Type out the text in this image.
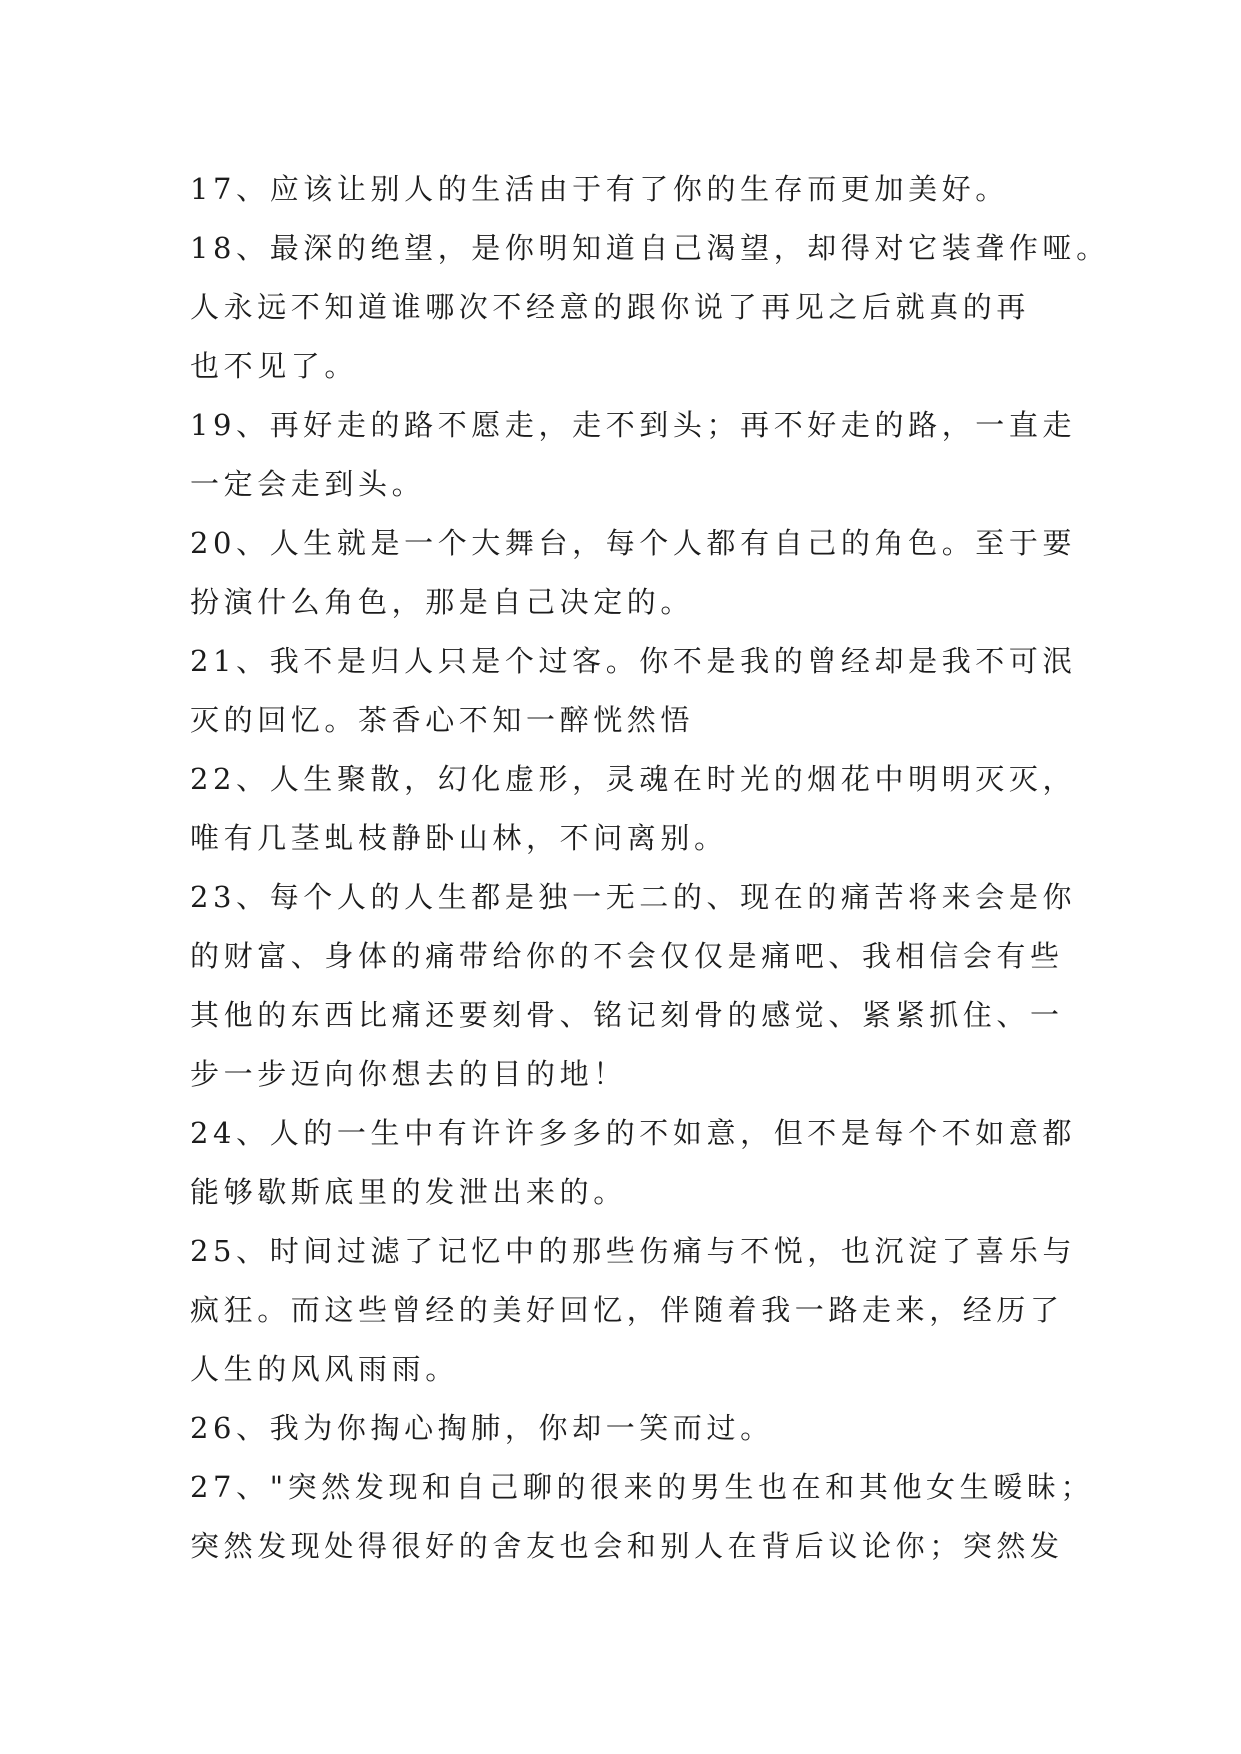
17、应该让别人的生活由于有了你的生存而更加美好。

18、最深的绝望，是你明知道自己渴望，却得对它装聋作哑。

人永远不知道谁哪次不经意的跟你说了再见之后就真的再

也不见了。

19、再好走的路不愿走，走不到头；再不好走的路，一直走

一定会走到头。

20、人生就是一个大舞台，每个人都有自己的角色。至于要

扮演什么角色，那是自己决定的。

21、我不是归人只是个过客。你不是我的曾经却是我不可泯

灭的回忆。茶香心不知一醉恍然悟

22、人生聚散，幻化虚形，灵魂在时光的烟花中明明灭灭，

唯有几茎虬枝静卧山林，不问离别。

23、每个人的人生都是独一无二的、现在的痛苦将来会是你

的财富、身体的痛带给你的不会仅仅是痛吧、我相信会有些

其他的东西比痛还要刻骨、铭记刻骨的感觉、紧紧抓住、一

步一步迈向你想去的目的地！

24、人的一生中有许许多多的不如意，但不是每个不如意都

能够歇斯底里的发泄出来的。

25、时间过滤了记忆中的那些伤痛与不悦，也沉淀了喜乐与

疯狂。而这些曾经的美好回忆，伴随着我一路走来，经历了

人生的风风雨雨。

26、我为你掏心掏肺，你却一笑而过。

27、"突然发现和自己聊的很来的男生也在和其他女生暧昧；

突然发现处得很好的舍友也会和别人在背后议论你；突然发
